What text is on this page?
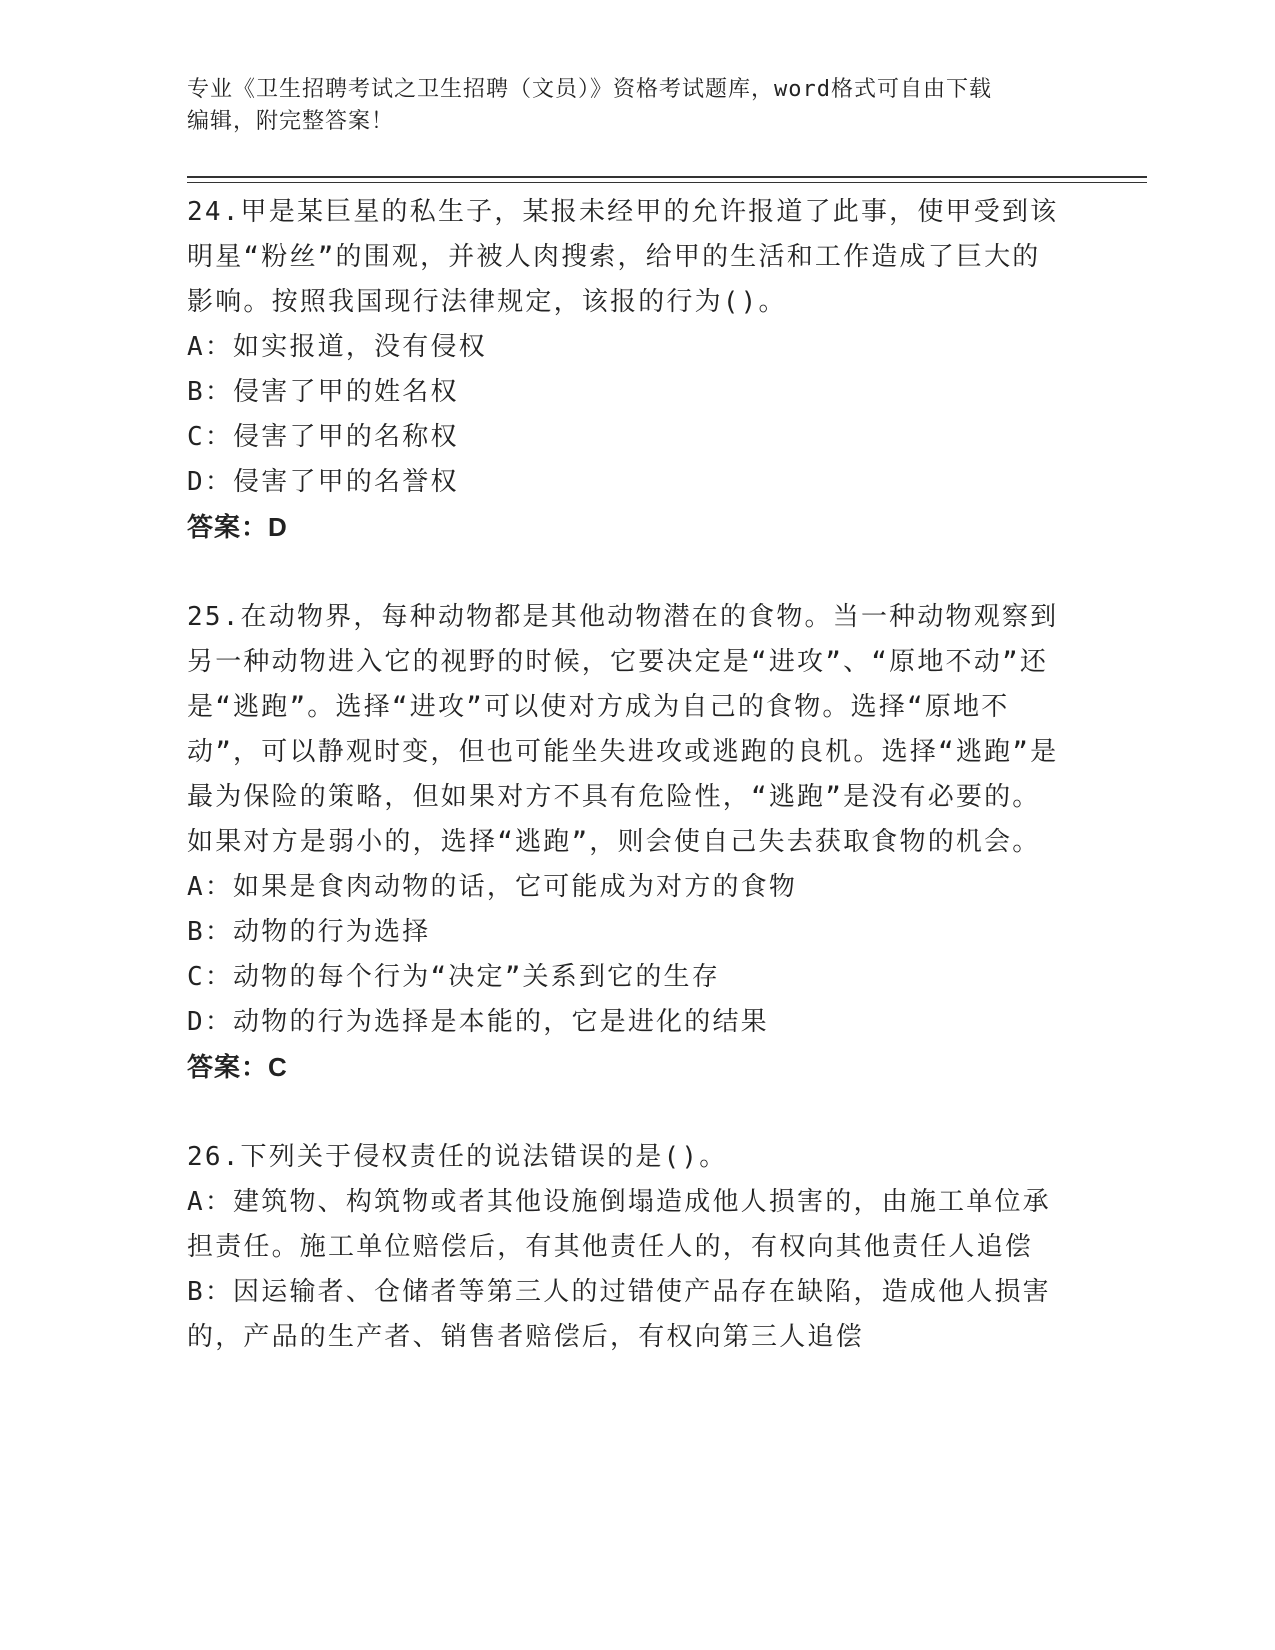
专业《卫生招聘考试之卫生招聘（文员）》资格考试题库，word格式可自由下载
编辑，附完整答案！

24.甲是某巨星的私生子，某报未经甲的允许报道了此事，使甲受到该明星“粉丝”的围观，并被人肉搜索，给甲的生活和工作造成了巨大的影响。按照我国现行法律规定，该报的行为()。

A：如实报道，没有侵权

B：侵害了甲的姓名权

C：侵害了甲的名称权

D：侵害了甲的名誉权

答案：D

25.在动物界，每种动物都是其他动物潜在的食物。当一种动物观察到另一种动物进入它的视野的时候，它要决定是“进攻”、“原地不动”还是“逃跑”。选择“进攻”可以使对方成为自己的食物。选择“原地不动”，可以静观时变，但也可能坐失进攻或逃跑的良机。选择“逃跑”是最为保险的策略，但如果对方不具有危险性，“逃跑”是没有必要的。如果对方是弱小的，选择“逃跑”，则会使自己失去获取食物的机会。

A：如果是食肉动物的话，它可能成为对方的食物

B：动物的行为选择

C：动物的每个行为“决定”关系到它的生存

D：动物的行为选择是本能的，它是进化的结果

答案：C

26.下列关于侵权责任的说法错误的是()。

A：建筑物、构筑物或者其他设施倒塌造成他人损害的，由施工单位承担责任。施工单位赔偿后，有其他责任人的，有权向其他责任人追偿

B：因运输者、仓储者等第三人的过错使产品存在缺陷，造成他人损害的，产品的生产者、销售者赔偿后，有权向第三人追偿
